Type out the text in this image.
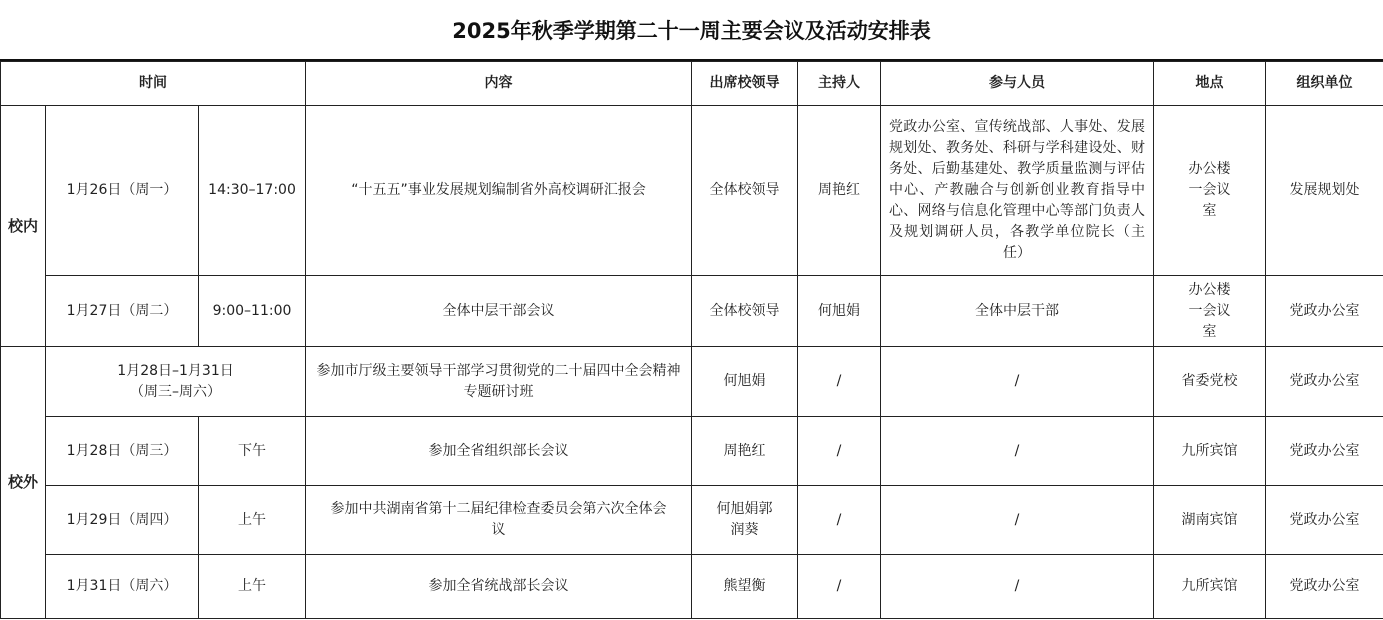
2025年秋季学期第二十一周主要会议及活动安排表
时间			内容	出席校领导	主持人	参与人员	地点	组织单位
校内	1月26日（周一）	14:30–17:00	“十五五”事业发展规划编制省外高校调研汇报会	全体校领导	周艳红	党政办公室、宣传统战部、人事处、发展规划处、教务处、科研与学科建设处、财务处、后勤基建处、教学质量监测与评估中心、产教融合与创新创业教育指导中心、网络与信息化管理中心等部门负责人及规划调研人员，各教学单位院长（主任）	办公楼一会议室	发展规划处
	1月27日（周二）	9:00–11:00	全体中层干部会议	全体校领导	何旭娟	全体中层干部	办公楼一会议室	党政办公室
校外	1月28日–1月31日（周三–周六）		参加市厅级主要领导干部学习贯彻党的二十届四中全会精神专题研讨班	何旭娟	/	/	省委党校	党政办公室
	1月28日（周三）	下午	参加全省组织部长会议	周艳红	/	/	九所宾馆	党政办公室
	1月29日（周四）	上午	参加中共湖南省第十二届纪律检查委员会第六次全体会议	何旭娟郭润葵	/	/	湖南宾馆	党政办公室
	1月31日（周六）	上午	参加全省统战部长会议	熊望衡	/	/	九所宾馆	党政办公室
